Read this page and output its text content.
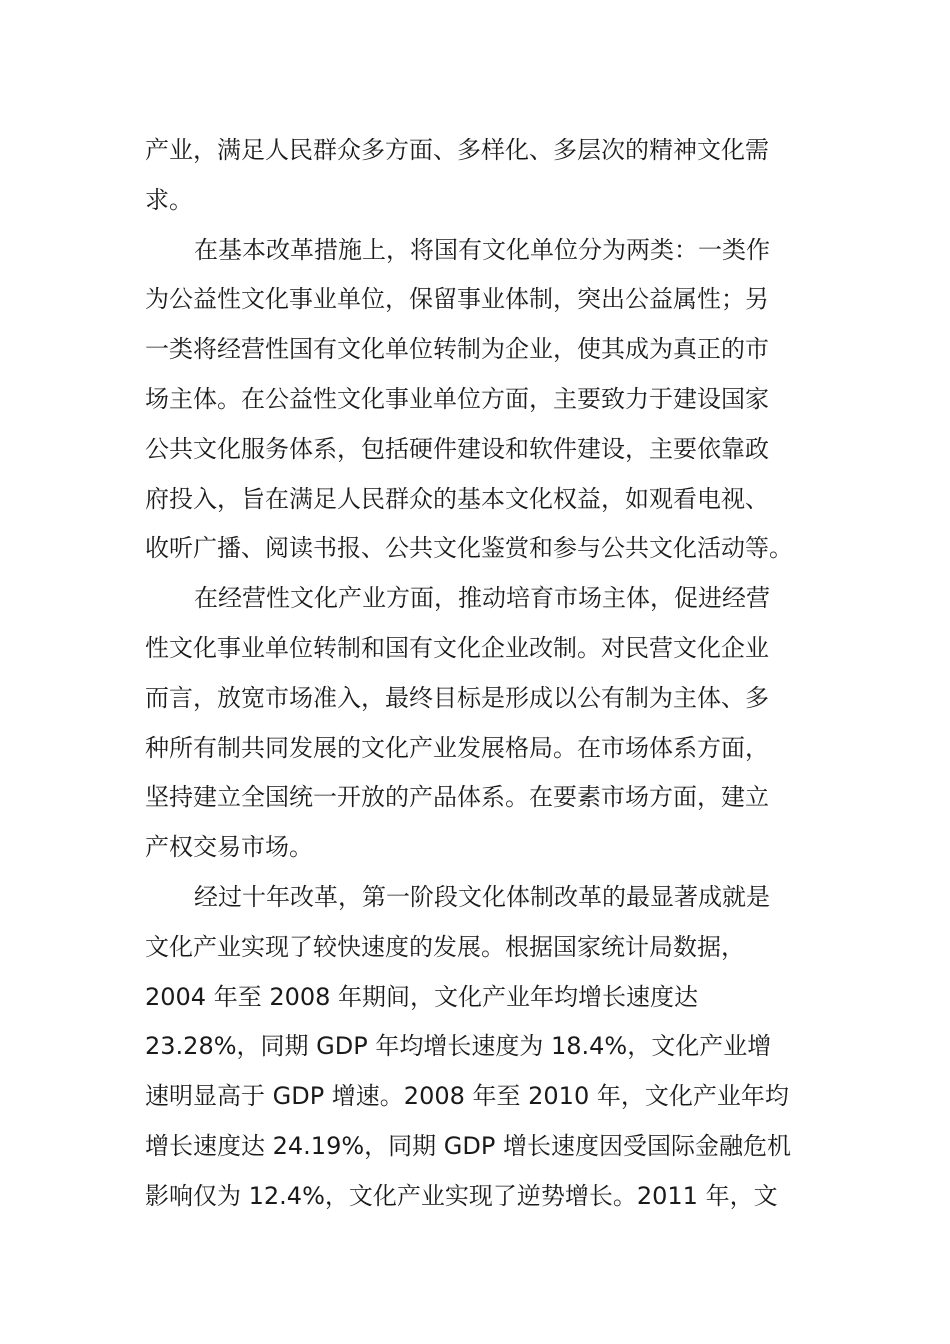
产业，满足人民群众多方面、多样化、多层次的精神文化需
求。
在基本改革措施上，将国有文化单位分为两类：一类作
为公益性文化事业单位，保留事业体制，突出公益属性；另
一类将经营性国有文化单位转制为企业，使其成为真正的市
场主体。在公益性文化事业单位方面，主要致力于建设国家
公共文化服务体系，包括硬件建设和软件建设，主要依靠政
府投入，旨在满足人民群众的基本文化权益，如观看电视、
收听广播、阅读书报、公共文化鉴赏和参与公共文化活动等。
在经营性文化产业方面，推动培育市场主体，促进经营
性文化事业单位转制和国有文化企业改制。对民营文化企业
而言，放宽市场准入，最终目标是形成以公有制为主体、多
种所有制共同发展的文化产业发展格局。在市场体系方面，
坚持建立全国统一开放的产品体系。在要素市场方面，建立
产权交易市场。
经过十年改革，第一阶段文化体制改革的最显著成就是
文化产业实现了较快速度的发展。根据国家统计局数据，
2004 年至 2008 年期间，文化产业年均增长速度达
23.28%，同期 GDP 年均增长速度为 18.4%，文化产业增
速明显高于 GDP 增速。2008 年至 2010 年，文化产业年均
增长速度达 24.19%，同期 GDP 增长速度因受国际金融危机
影响仅为 12.4%，文化产业实现了逆势增长。2011 年，文
